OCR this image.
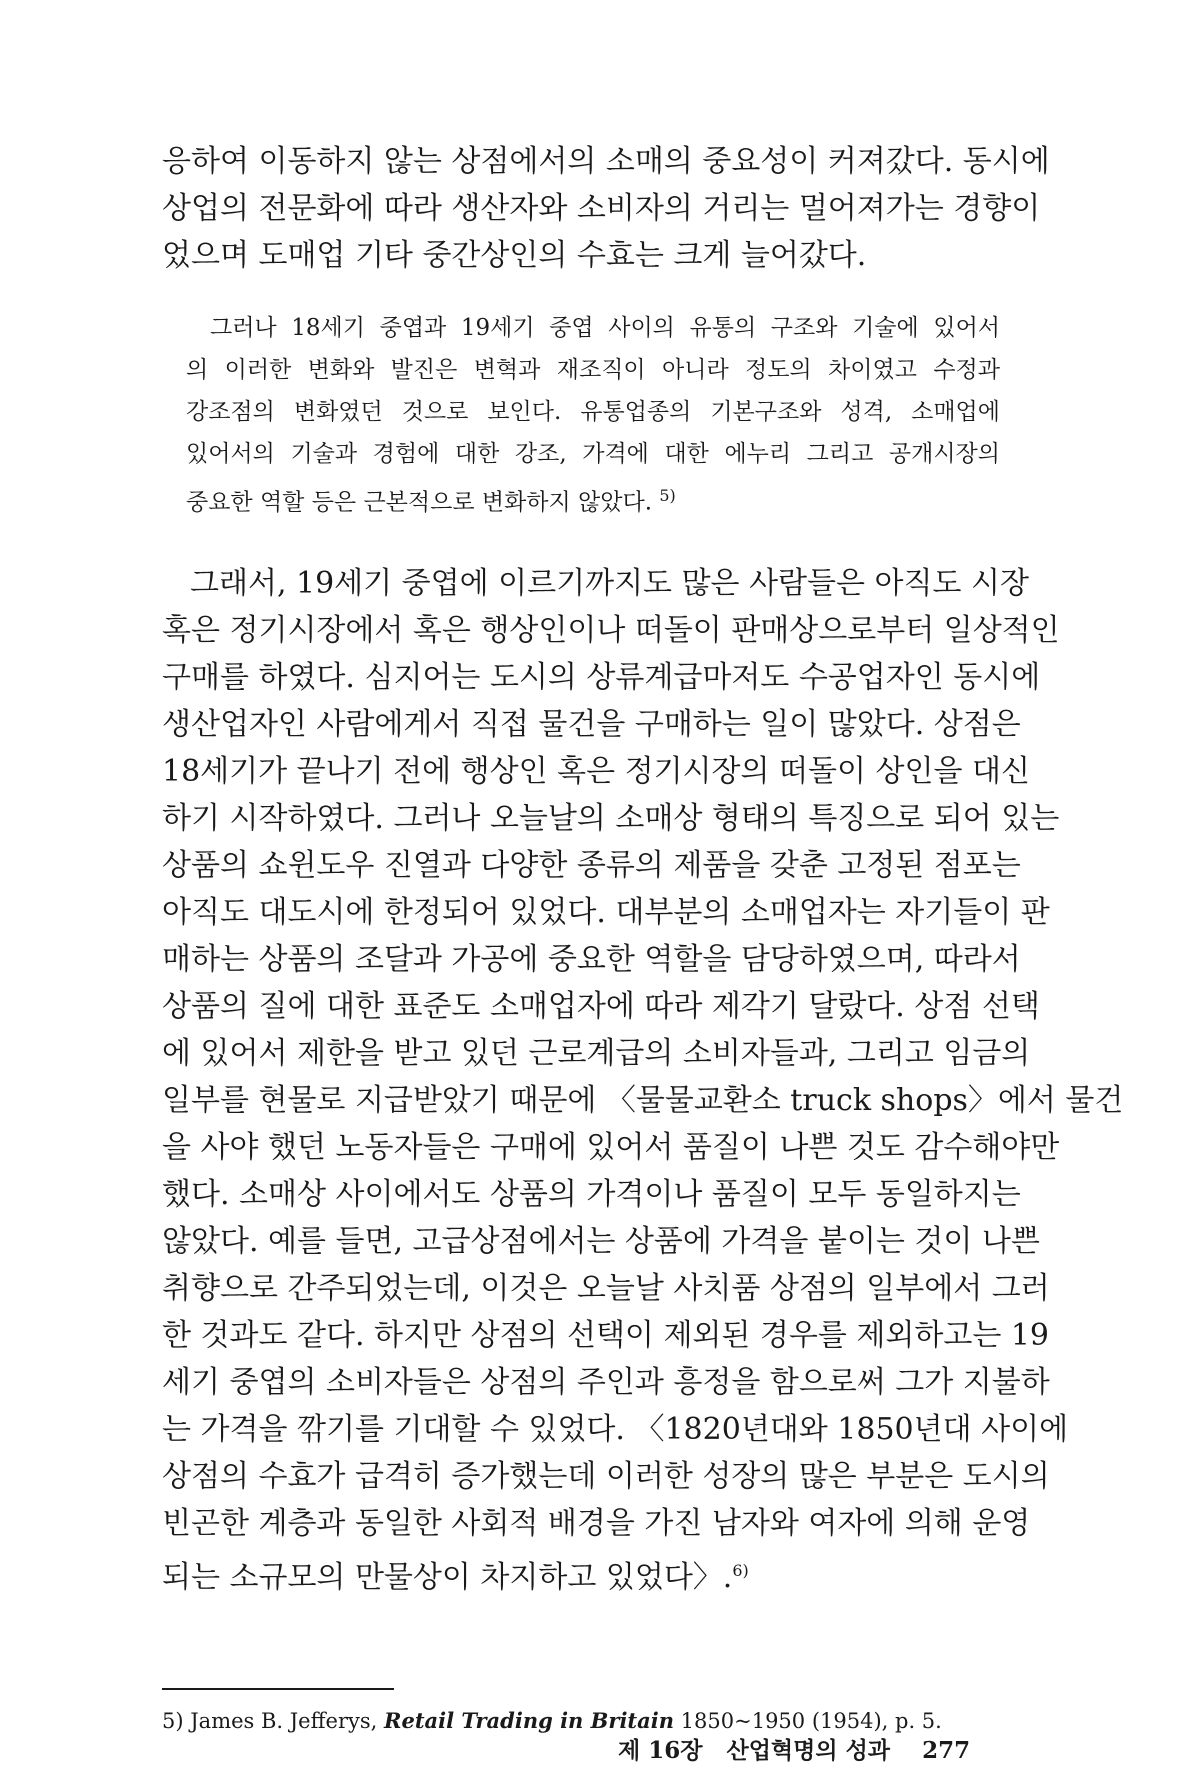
응하여 이동하지 않는 상점에서의 소매의 중요성이 커져갔다. 동시에
상업의 전문화에 따라 생산자와 소비자의 거리는 멀어져가는 경향이
었으며 도매업 기타 중간상인의 수효는 크게 늘어갔다.
그러나 18세기 중엽과 19세기 중엽 사이의 유통의 구조와 기술에 있어서
의 이러한 변화와 발진은 변혁과 재조직이 아니라 정도의 차이였고 수정과
강조점의 변화였던 것으로 보인다. 유통업종의 기본구조와 성격, 소매업에
있어서의 기술과 경험에 대한 강조, 가격에 대한 에누리 그리고 공개시장의
중요한 역할 등은 근본적으로 변화하지 않았다. $^{5)}$
그래서, 19세기 중엽에 이르기까지도 많은 사람들은 아직도 시장
혹은 정기시장에서 혹은 행상인이나 떠돌이 판매상으로부터 일상적인
구매를 하였다. 심지어는 도시의 상류계급마저도 수공업자인 동시에
생산업자인 사람에게서 직접 물건을 구매하는 일이 많았다. 상점은
18세기가 끝나기 전에 행상인 혹은 정기시장의 떠돌이 상인을 대신
하기 시작하였다. 그러나 오늘날의 소매상 형태의 특징으로 되어 있는
상품의 쇼윈도우 진열과 다양한 종류의 제품을 갖춘 고정된 점포는
아직도 대도시에 한정되어 있었다. 대부분의 소매업자는 자기들이 판
매하는 상품의 조달과 가공에 중요한 역할을 담당하였으며, 따라서
상품의 질에 대한 표준도 소매업자에 따라 제각기 달랐다. 상점 선택
에 있어서 제한을 받고 있던 근로계급의 소비자들과, 그리고 임금의
일부를 현물로 지급받았기 때문에 〈물물교환소 truck shops〉에서 물건
을 사야 했던 노동자들은 구매에 있어서 품질이 나쁜 것도 감수해야만
했다. 소매상 사이에서도 상품의 가격이나 품질이 모두 동일하지는
않았다. 예를 들면, 고급상점에서는 상품에 가격을 붙이는 것이 나쁜
취향으로 간주되었는데, 이것은 오늘날 사치품 상점의 일부에서 그러
한 것과도 같다. 하지만 상점의 선택이 제외된 경우를 제외하고는 19
세기 중엽의 소비자들은 상점의 주인과 흥정을 함으로써 그가 지불하
는 가격을 깎기를 기대할 수 있었다. 〈1820년대와 1850년대 사이에
상점의 수효가 급격히 증가했는데 이러한 성장의 많은 부분은 도시의
빈곤한 계층과 동일한 사회적 배경을 가진 남자와 여자에 의해 운영
되는 소규모의 만물상이 차지하고 있었다〉.$^{6)}$
5) James B. Jefferys, Retail Trading in Britain 1850~1950 (1954), p. 5.
제 16장 산업혁명의 성과 277
